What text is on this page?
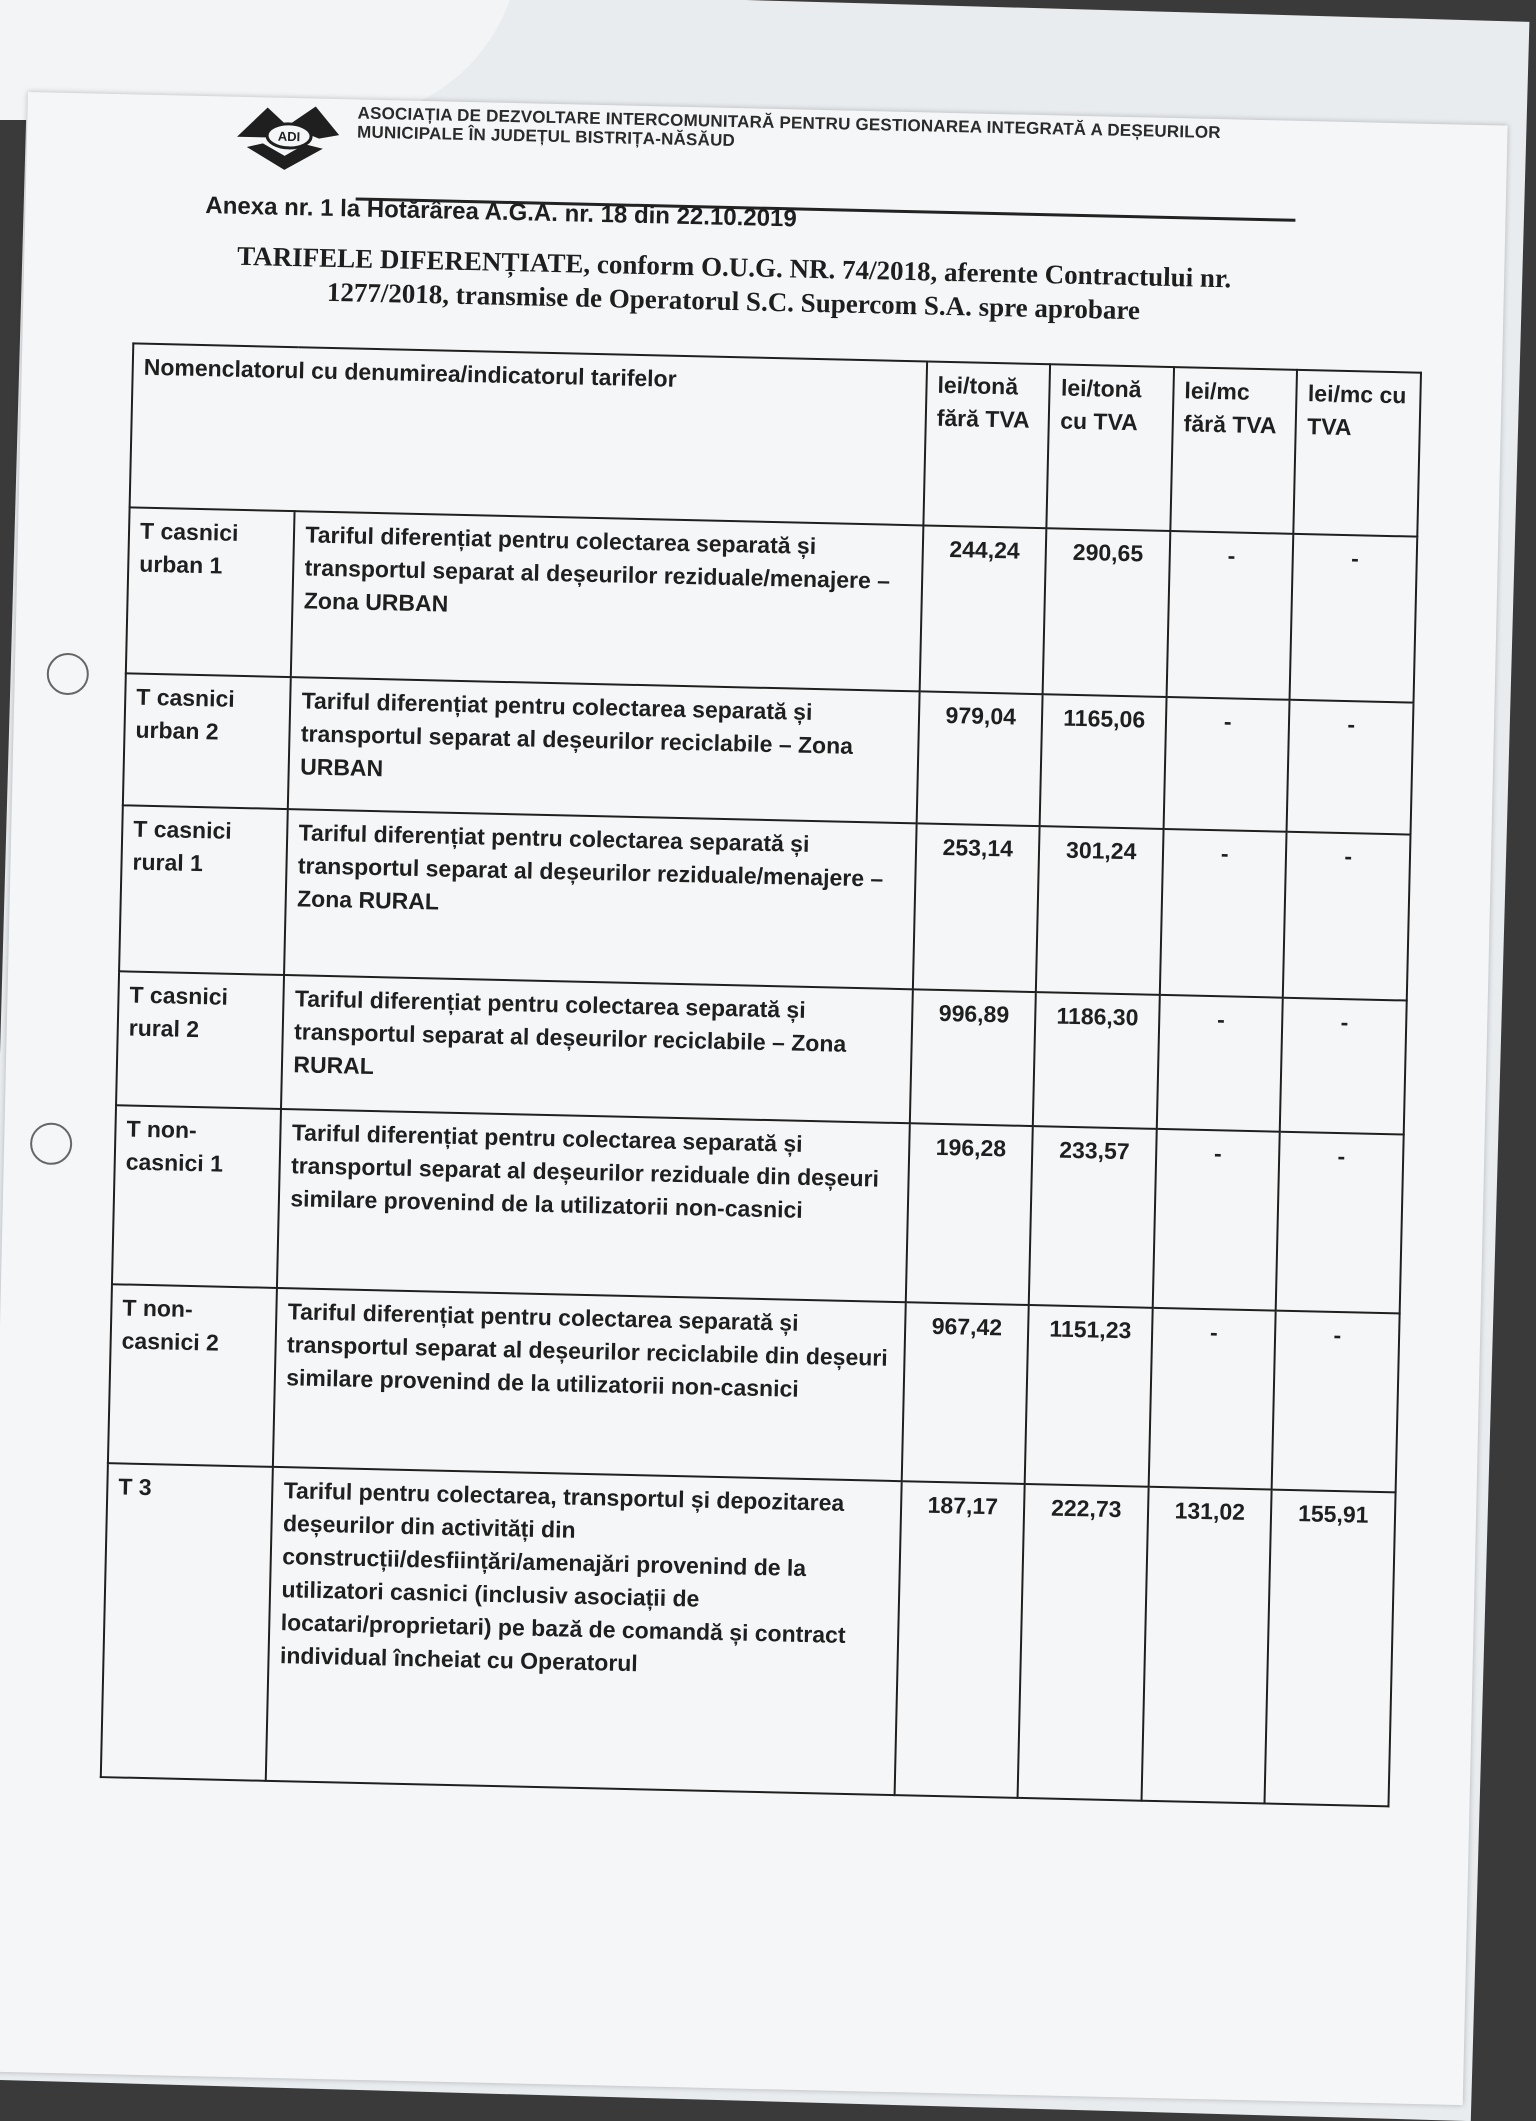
ADI	ASOCIAȚIA DE DEZVOLTARE INTERCOMUNITARĂ PENTRU GESTIONAREA INTEGRATĂ A DEȘEURILOR MUNICIPALE ÎN JUDEȚUL BISTRIȚA-NĂSĂUD
Anexa nr. 1 la Hotărârea A.G.A. nr. 18 din 22.10.2019
TARIFELE DIFERENȚIATE, conform O.U.G. NR. 74/2018, aferente Contractului nr. 1277/2018, transmise de Operatorul S.C. Supercom S.A. spre aprobare
Nomenclatorul cu denumirea/indicatorul tarifelor		lei/tonă fără TVA	lei/tonă cu TVA	lei/mc fără TVA	lei/mc cu TVA
T casnici urban 1	Tariful diferențiat pentru colectarea separată și transportul separat al deșeurilor reziduale/menajere – Zona URBAN	244,24	290,65	-	-
T casnici urban 2	Tariful diferențiat pentru colectarea separată și transportul separat al deșeurilor reciclabile – Zona URBAN	979,04	1165,06	-	-
T casnici rural 1	Tariful diferențiat pentru colectarea separată și transportul separat al deșeurilor reziduale/menajere – Zona RURAL	253,14	301,24	-	-
T casnici rural 2	Tariful diferențiat pentru colectarea separată și transportul separat al deșeurilor reciclabile – Zona RURAL	996,89	1186,30	-	-
T non-casnici 1	Tariful diferențiat pentru colectarea separată și transportul separat al deșeurilor reziduale din deșeuri similare provenind de la utilizatorii non-casnici	196,28	233,57	-	-
T non-casnici 2	Tariful diferențiat pentru colectarea separată și transportul separat al deșeurilor reciclabile din deșeuri similare provenind de la utilizatorii non-casnici	967,42	1151,23	-	-
T 3	Tariful pentru colectarea, transportul și depozitarea deșeurilor din activități din construcții/desființări/amenajări provenind de la utilizatori casnici (inclusiv asociații de locatari/proprietari) pe bază de comandă și contract individual încheiat cu Operatorul	187,17	222,73	131,02	155,91
